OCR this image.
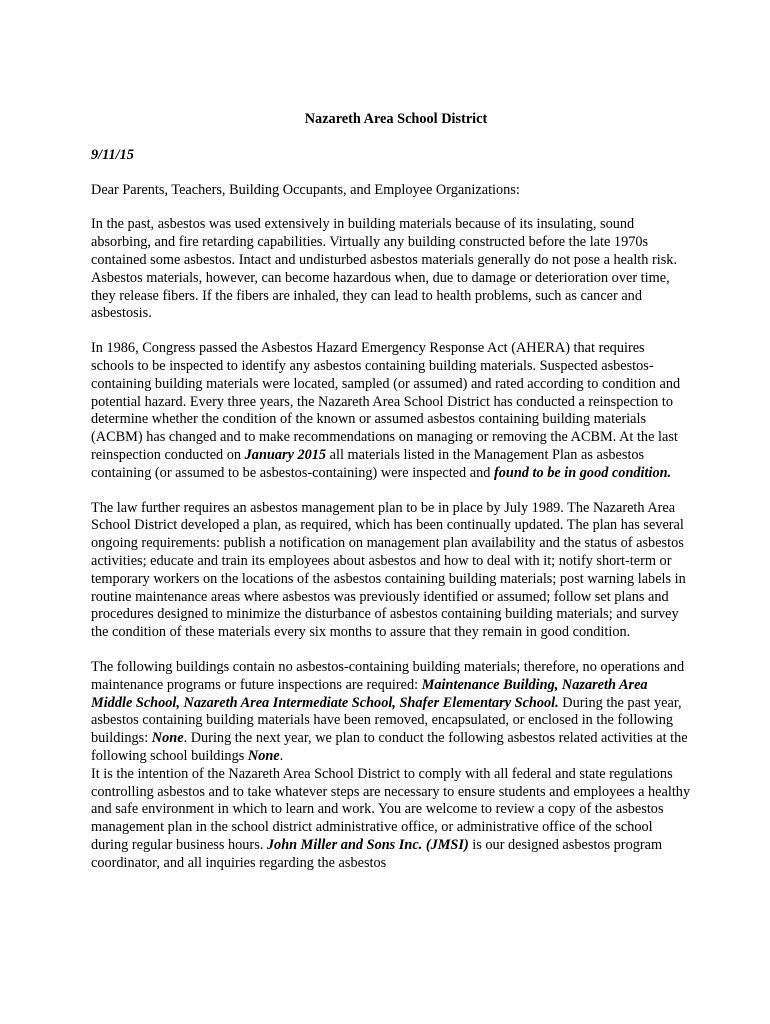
Nazareth Area School District

9/11/15

Dear Parents, Teachers, Building Occupants, and Employee Organizations:

In the past, asbestos was used extensively in building materials because of its insulating, sound absorbing, and fire retarding capabilities. Virtually any building constructed before the late 1970s contained some asbestos. Intact and undisturbed asbestos materials generally do not pose a health risk. Asbestos materials, however, can become hazardous when, due to damage or deterioration over time, they release fibers. If the fibers are inhaled, they can lead to health problems, such as cancer and asbestosis.

In 1986, Congress passed the Asbestos Hazard Emergency Response Act (AHERA) that requires schools to be inspected to identify any asbestos containing building materials. Suspected asbestos-containing building materials were located, sampled (or assumed) and rated according to condition and potential hazard. Every three years, the Nazareth Area School District has conducted a reinspection to determine whether the condition of the known or assumed asbestos containing building materials (ACBM) has changed and to make recommendations on managing or removing the ACBM. At the last reinspection conducted on January 2015 all materials listed in the Management Plan as asbestos containing (or assumed to be asbestos-containing) were inspected and found to be in good condition.

The law further requires an asbestos management plan to be in place by July 1989. The Nazareth Area School District developed a plan, as required, which has been continually updated. The plan has several ongoing requirements: publish a notification on management plan availability and the status of asbestos activities; educate and train its employees about asbestos and how to deal with it; notify short-term or temporary workers on the locations of the asbestos containing building materials; post warning labels in routine maintenance areas where asbestos was previously identified or assumed; follow set plans and procedures designed to minimize the disturbance of asbestos containing building materials; and survey the condition of these materials every six months to assure that they remain in good condition.

The following buildings contain no asbestos-containing building materials; therefore, no operations and maintenance programs or future inspections are required: Maintenance Building, Nazareth Area Middle School, Nazareth Area Intermediate School, Shafer Elementary School. During the past year, asbestos containing building materials have been removed, encapsulated, or enclosed in the following buildings: None. During the next year, we plan to conduct the following asbestos related activities at the following school buildings None.

It is the intention of the Nazareth Area School District to comply with all federal and state regulations controlling asbestos and to take whatever steps are necessary to ensure students and employees a healthy and safe environment in which to learn and work. You are welcome to review a copy of the asbestos management plan in the school district administrative office, or administrative office of the school during regular business hours. John Miller and Sons Inc. (JMSI) is our designed asbestos program coordinator, and all inquiries regarding the asbestos
